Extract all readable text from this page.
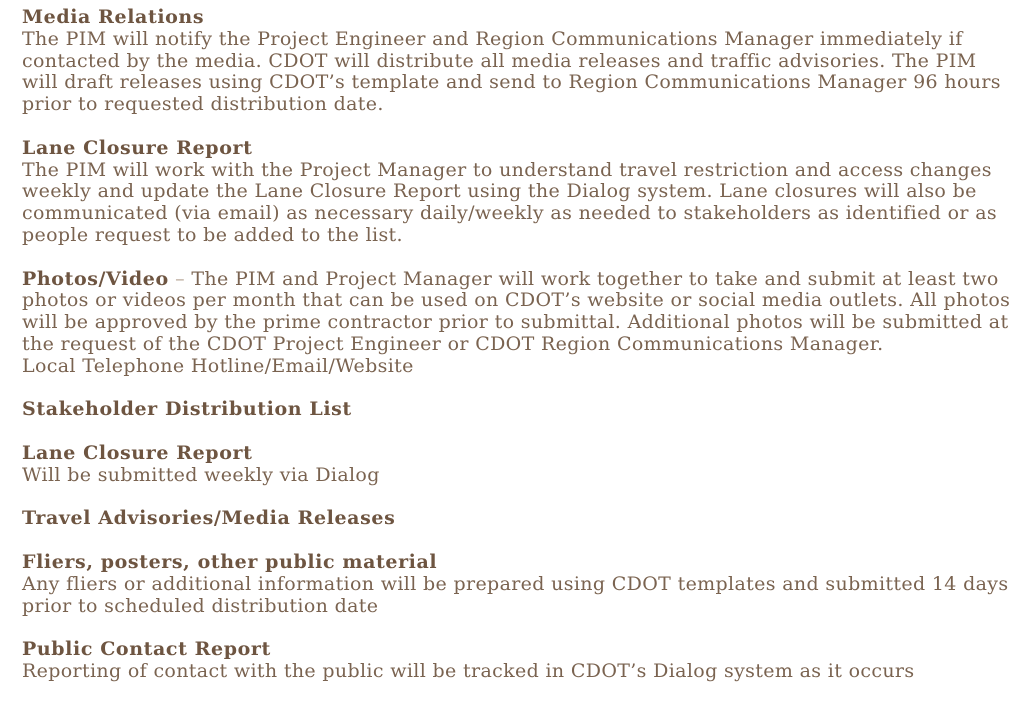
Media Relations
The PIM will notify the Project Engineer and Region Communications Manager immediately if contacted by the media. CDOT will distribute all media releases and traffic advisories. The PIM will draft releases using CDOT’s template and send to Region Communications Manager 96 hours prior to requested distribution date.
Lane Closure Report
The PIM will work with the Project Manager to understand travel restriction and access changes weekly and update the Lane Closure Report using the Dialog system. Lane closures will also be communicated (via email) as necessary daily/weekly as needed to stakeholders as identified or as people request to be added to the list.
Photos/Video – The PIM and Project Manager will work together to take and submit at least two photos or videos per month that can be used on CDOT’s website or social media outlets. All photos will be approved by the prime contractor prior to submittal. Additional photos will be submitted at the request of the CDOT Project Engineer or CDOT Region Communications Manager.
Local Telephone Hotline/Email/Website
Stakeholder Distribution List
Lane Closure Report
Will be submitted weekly via Dialog
Travel Advisories/Media Releases
Fliers, posters, other public material
Any fliers or additional information will be prepared using CDOT templates and submitted 14 days prior to scheduled distribution date
Public Contact Report
Reporting of contact with the public will be tracked in CDOT’s Dialog system as it occurs
